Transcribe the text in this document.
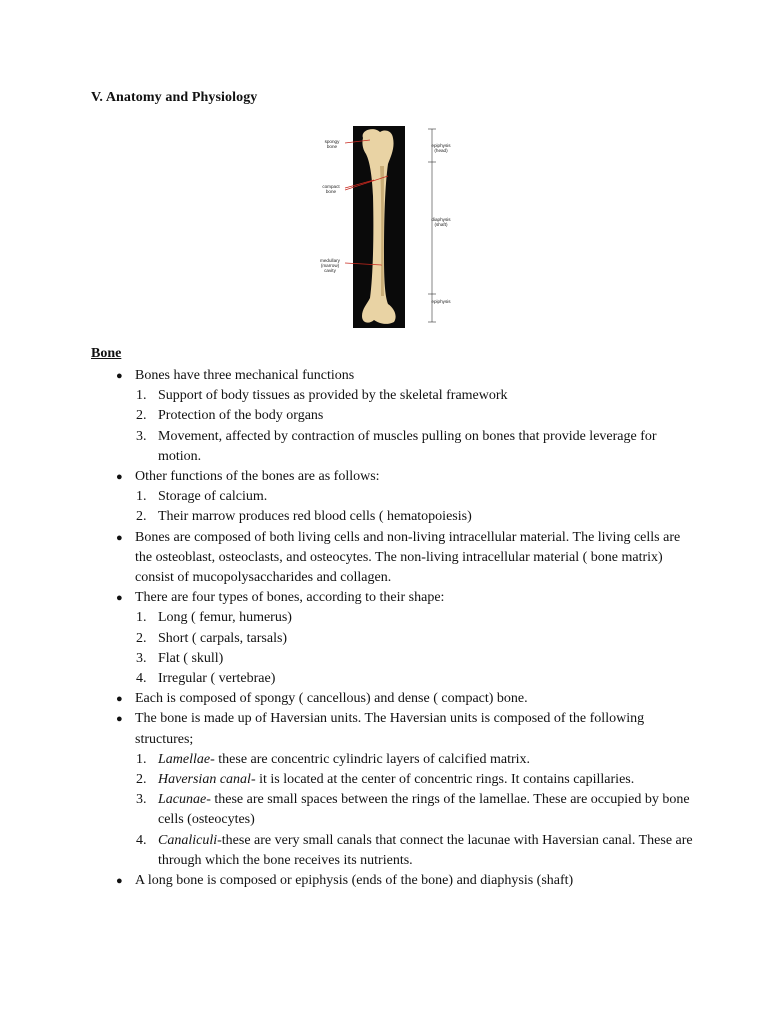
V. Anatomy and Physiology
spongy
bone
compact
bone
medullary
(marrow)
cavity
epiphysis
(head)
diaphysis
(shaft)
epiphysis
Bone
● Bones have three mechanical functions
1. Support of body tissues as provided by the skeletal framework
2. Protection of the body organs
3. Movement, affected by contraction of muscles pulling on bones that provide leverage for motion.
● Other functions of the bones are as follows:
1. Storage of calcium.
2. Their marrow produces red blood cells ( hematopoiesis)
● Bones are composed of both living cells and non-living intracellular material. The living cells are the osteoblast, osteoclasts, and osteocytes. The non-living intracellular material ( bone matrix) consist of mucopolysaccharides and collagen.
● There are four types of bones, according to their shape:
1. Long ( femur, humerus)
2. Short ( carpals, tarsals)
3. Flat ( skull)
4. Irregular ( vertebrae)
● Each is composed of spongy ( cancellous) and dense ( compact) bone.
● The bone is made up of Haversian units. The Haversian units is composed of the following structures;
1. Lamellae- these are concentric cylindric layers of calcified matrix.
2. Haversian canal- it is located at the center of concentric rings. It contains capillaries.
3. Lacunae- these are small spaces between the rings of the lamellae. These are occupied by bone cells (osteocytes)
4. Canaliculi-these are very small canals that connect the lacunae with Haversian canal. These are through which the bone receives its nutrients.
● A long bone is composed or epiphysis (ends of the bone) and diaphysis (shaft)
